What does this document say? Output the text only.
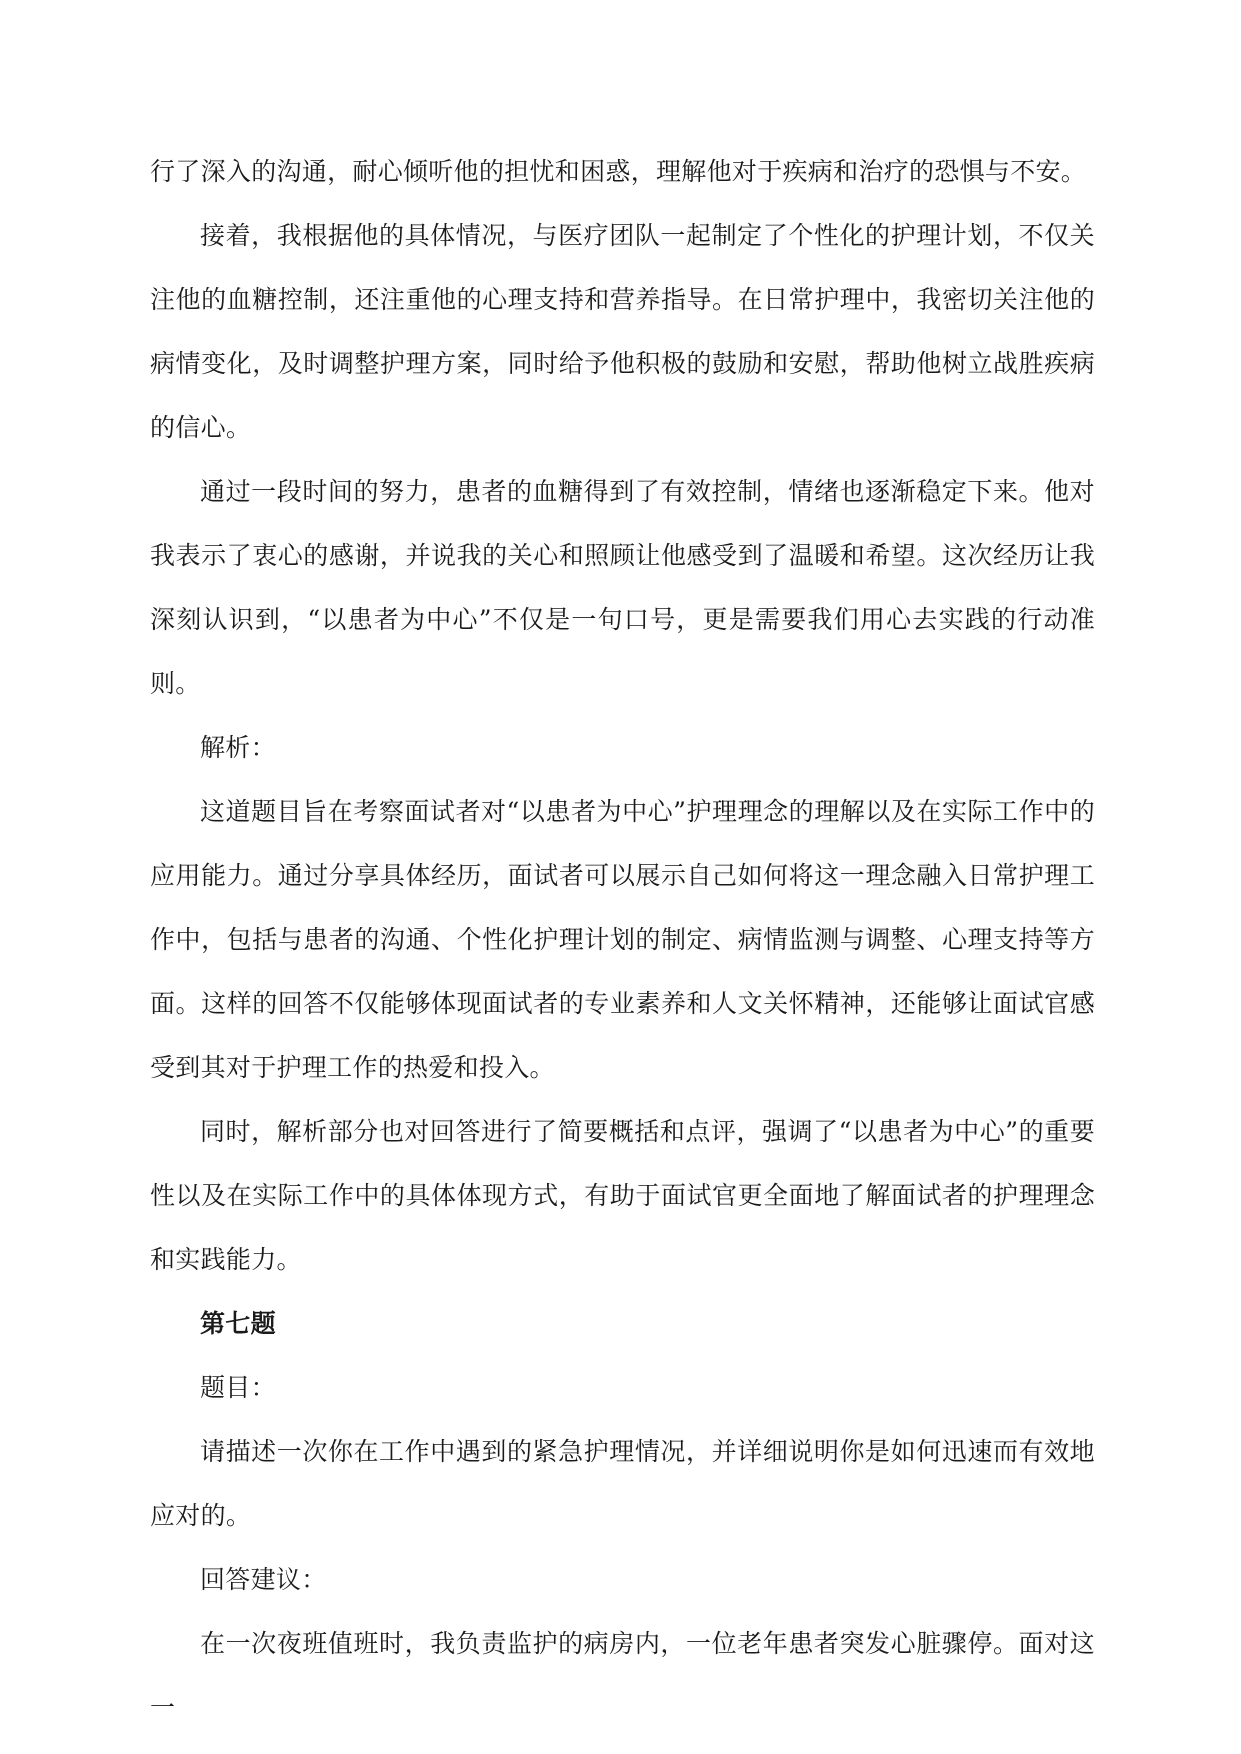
行了深入的沟通，耐心倾听他的担忧和困惑，理解他对于疾病和治疗的恐惧与不安。

接着，我根据他的具体情况，与医疗团队一起制定了个性化的护理计划，不仅关注他的血糖控制，还注重他的心理支持和营养指导。在日常护理中，我密切关注他的病情变化，及时调整护理方案，同时给予他积极的鼓励和安慰，帮助他树立战胜疾病的信心。

通过一段时间的努力，患者的血糖得到了有效控制，情绪也逐渐稳定下来。他对我表示了衷心的感谢，并说我的关心和照顾让他感受到了温暖和希望。这次经历让我深刻认识到，“以患者为中心”不仅是一句口号，更是需要我们用心去实践的行动准则。

解析：

这道题目旨在考察面试者对“以患者为中心”护理理念的理解以及在实际工作中的应用能力。通过分享具体经历，面试者可以展示自己如何将这一理念融入日常护理工作中，包括与患者的沟通、个性化护理计划的制定、病情监测与调整、心理支持等方面。这样的回答不仅能够体现面试者的专业素养和人文关怀精神，还能够让面试官感受到其对于护理工作的热爱和投入。

同时，解析部分也对回答进行了简要概括和点评，强调了“以患者为中心”的重要性以及在实际工作中的具体体现方式，有助于面试官更全面地了解面试者的护理理念和实践能力。

第七题

题目：

请描述一次你在工作中遇到的紧急护理情况，并详细说明你是如何迅速而有效地应对的。

回答建议：

在一次夜班值班时，我负责监护的病房内，一位老年患者突发心脏骤停。面对这一
